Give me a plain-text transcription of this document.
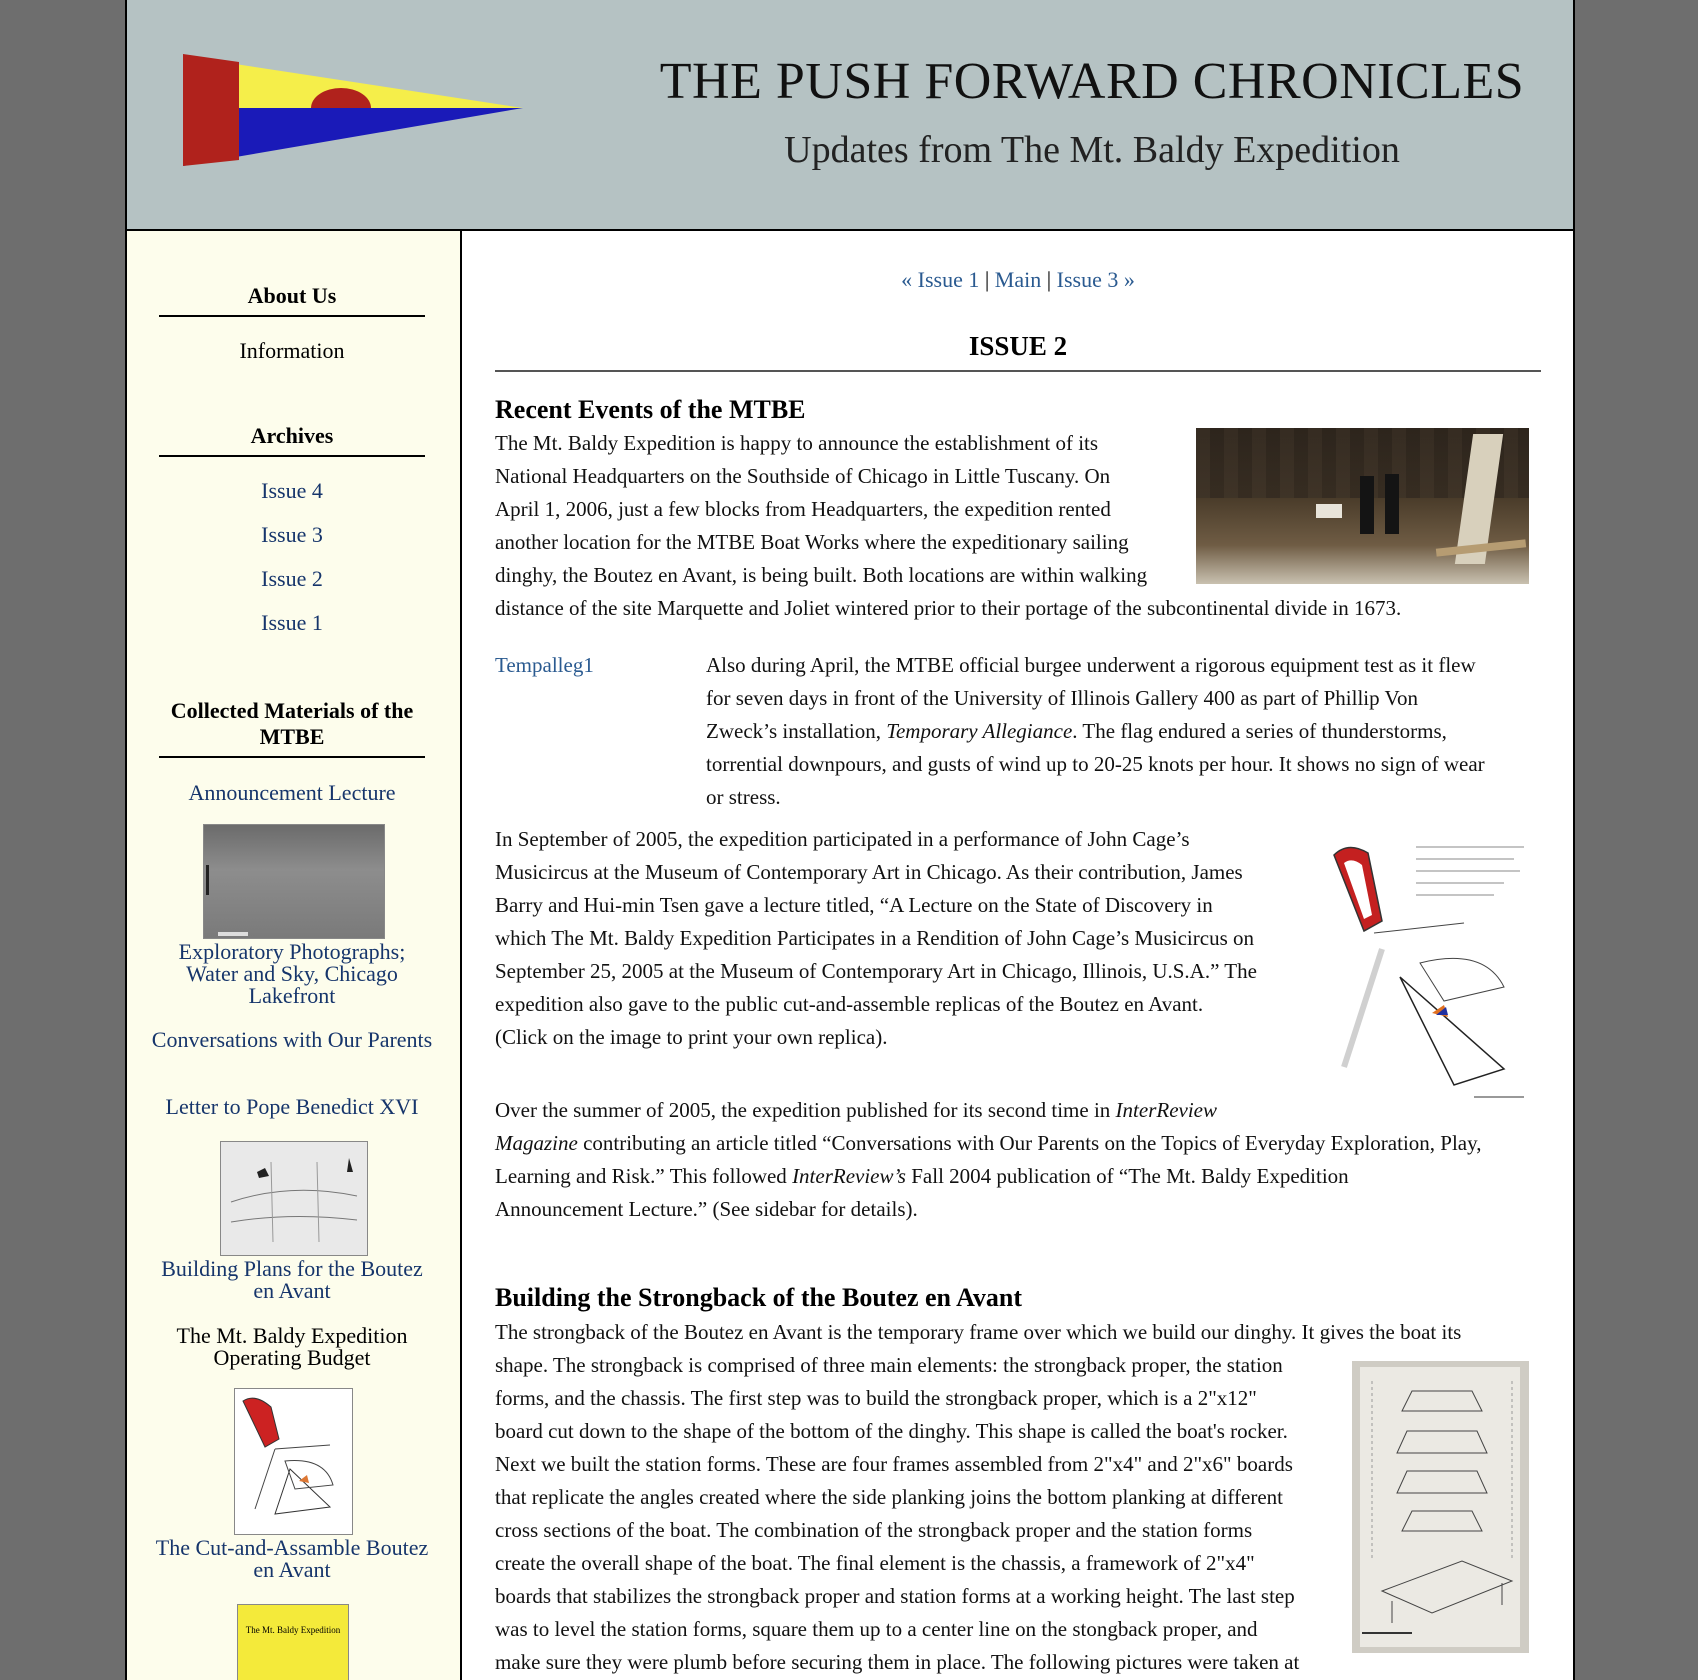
THE PUSH FORWARD CHRONICLES
Updates from The Mt. Baldy Expedition
About Us
Information
Archives
Issue 4
Issue 3
Issue 2
Issue 1
Collected Materials of the MTBE
Announcement Lecture
Exploratory Photographs; Water and Sky, Chicago Lakefront
Conversations with Our Parents
Letter to Pope Benedict XVI
Building Plans for the Boutez en Avant
The Mt. Baldy Expedition Operating Budget
The Cut-and-Assamble Boutez en Avant
The Mt. Baldy Expedition
« Issue 1 | Main | Issue 3 »
ISSUE 2
Recent Events of the MTBE
The Mt. Baldy Expedition is happy to announce the establishment of its
National Headquarters on the Southside of Chicago in Little Tuscany. On
April 1, 2006, just a few blocks from Headquarters, the expedition rented
another location for the MTBE Boat Works where the expeditionary sailing
dinghy, the Boutez en Avant, is being built. Both locations are within walking
distance of the site Marquette and Joliet wintered prior to their portage of the subcontinental divide in 1673.
Tempalleg1	Also during April, the MTBE official burgee underwent a rigorous equipment test as it flew
for seven days in front of the University of Illinois Gallery 400 as part of Phillip Von
Zweck’s installation, Temporary Allegiance. The flag endured a series of thunderstorms,
torrential downpours, and gusts of wind up to 20-25 knots per hour. It shows no sign of wear
or stress.
In September of 2005, the expedition participated in a performance of John Cage’s
Musicircus at the Museum of Contemporary Art in Chicago. As their contribution, James
Barry and Hui-min Tsen gave a lecture titled, “A Lecture on the State of Discovery in
which The Mt. Baldy Expedition Participates in a Rendition of John Cage’s Musicircus on
September 25, 2005 at the Museum of Contemporary Art in Chicago, Illinois, U.S.A.” The
expedition also gave to the public cut-and-assemble replicas of the Boutez en Avant.
(Click on the image to print your own replica).
Over the summer of 2005, the expedition published for its second time in InterReview
Magazine contributing an article titled “Conversations with Our Parents on the Topics of Everyday Exploration, Play,
Learning and Risk.” This followed InterReview’s Fall 2004 publication of “The Mt. Baldy Expedition
Announcement Lecture.” (See sidebar for details).
Building the Strongback of the Boutez en Avant
The strongback of the Boutez en Avant is the temporary frame over which we build our dinghy. It gives the boat its
shape. The strongback is comprised of three main elements: the strongback proper, the station
forms, and the chassis. The first step was to build the strongback proper, which is a 2"x12"
board cut down to the shape of the bottom of the dinghy. This shape is called the boat's rocker.
Next we built the station forms. These are four frames assembled from 2"x4" and 2"x6" boards
that replicate the angles created where the side planking joins the bottom planking at different
cross sections of the boat. The combination of the strongback proper and the station forms
create the overall shape of the boat. The final element is the chassis, a framework of 2"x4"
boards that stabilizes the strongback proper and station forms at a working height. The last step
was to level the station forms, square them up to a center line on the stongback proper, and
make sure they were plumb before securing them in place. The following pictures were taken at
